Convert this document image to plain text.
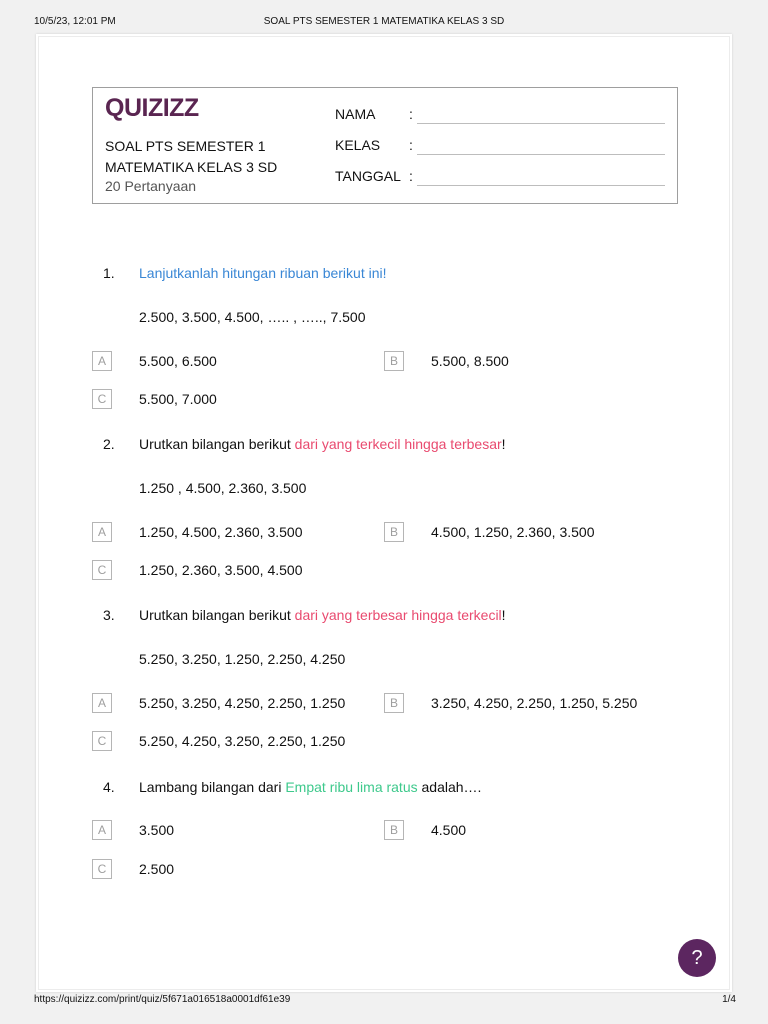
10/5/23, 12:01 PM	SOAL PTS SEMESTER 1 MATEMATIKA KELAS 3 SD
QUIZIZZ
SOAL PTS SEMESTER 1 MATEMATIKA KELAS 3 SD
20 Pertanyaan
NAMA :
KELAS :
TANGGAL :
1. Lanjutkanlah hitungan ribuan berikut ini!
2.500, 3.500, 4.500, ….. , ….., 7.500
A	5.500, 6.500	B	5.500, 8.500
C	5.500, 7.000
2. Urutkan bilangan berikut dari yang terkecil hingga terbesar!
1.250 , 4.500, 2.360, 3.500
A	1.250, 4.500, 2.360, 3.500	B	4.500, 1.250, 2.360, 3.500
C	1.250, 2.360, 3.500, 4.500
3. Urutkan bilangan berikut dari yang terbesar hingga terkecil!
5.250, 3.250, 1.250, 2.250, 4.250
A	5.250, 3.250, 4.250, 2.250, 1.250	B	3.250, 4.250, 2.250, 1.250, 5.250
C	5.250, 4.250, 3.250, 2.250, 1.250
4. Lambang bilangan dari Empat ribu lima ratus adalah….
A	3.500	B	4.500
C	2.500
?
https://quizizz.com/print/quiz/5f671a016518a0001df61e39	1/4
